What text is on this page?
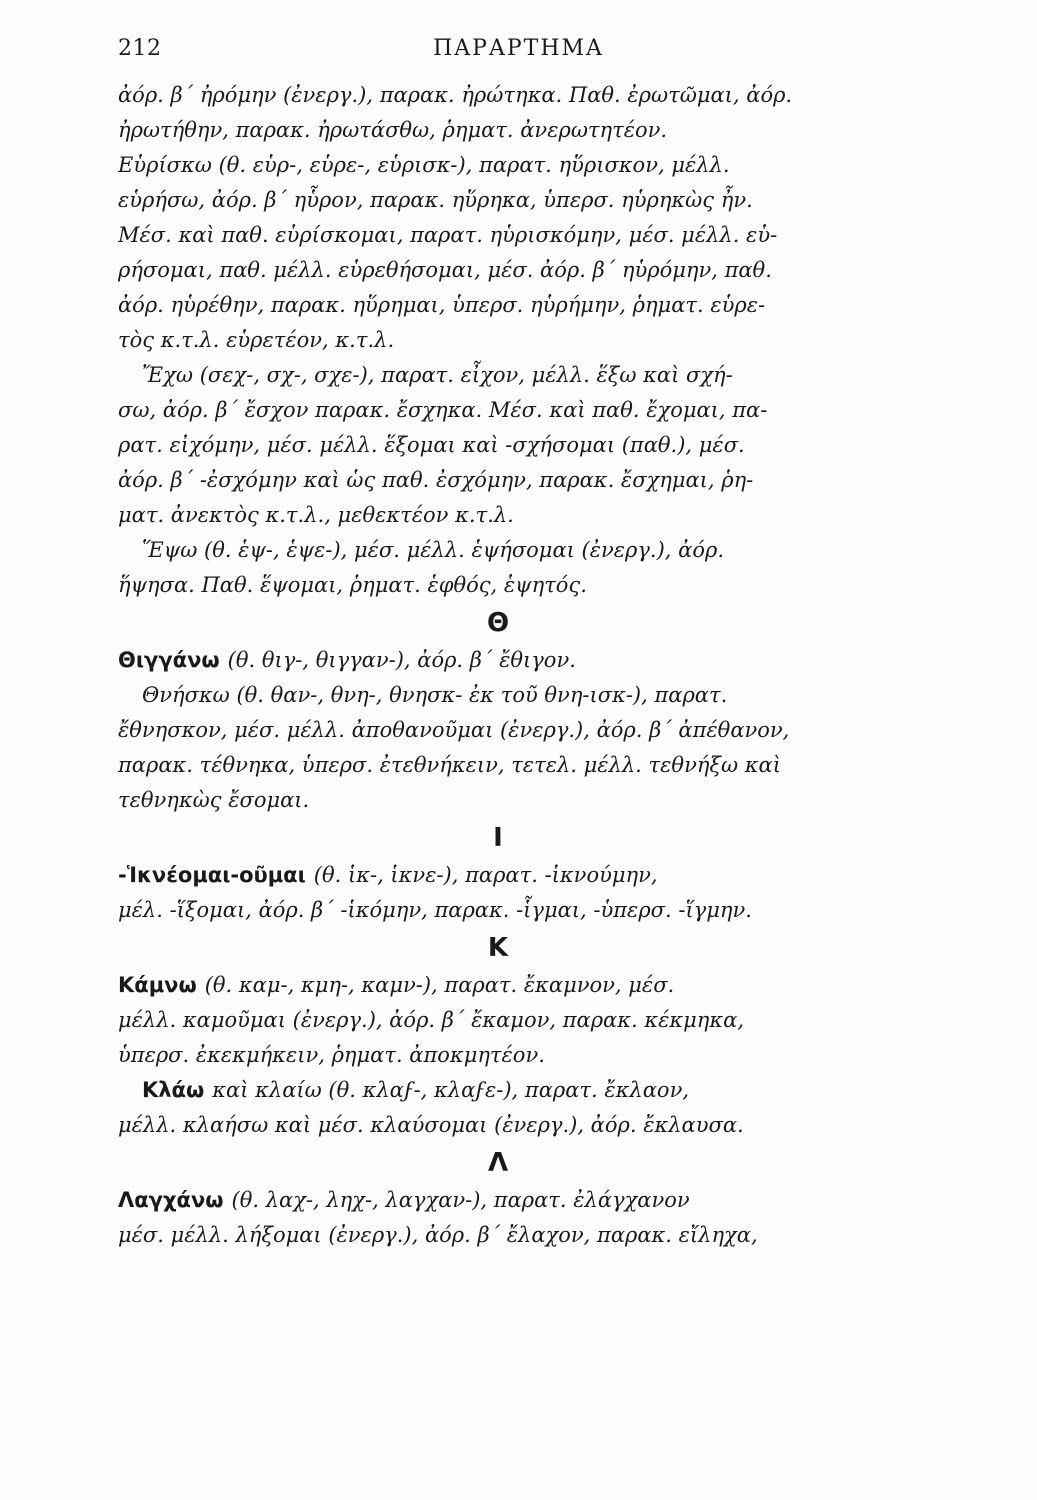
212	ΠΑΡΑΡΤΗΜΑ
ἀόρ. β΄ ἠρόμην (ἐνεργ.), παρακ. ἠρώτηκα. Παθ. ἐρωτῶμαι, ἀόρ.
ἠρωτήθην, παρακ. ἠρωτάσθω, ῥηματ. ἀνερωτητέον.
Εὑρίσκω (θ. εὑρ-, εὑρε-, εὑρισκ-), παρατ. ηὕρισκον, μέλλ.
εὑρήσω, ἀόρ. β΄ ηὗρον, παρακ. ηὕρηκα, ὑπερσ. ηὑρηκὼς ἦν.
Μέσ. καὶ παθ. εὑρίσκομαι, παρατ. ηὑρισκόμην, μέσ. μέλλ. εὑ-
ρήσομαι, παθ. μέλλ. εὑρεθήσομαι, μέσ. ἀόρ. β΄ ηὑρόμην, παθ.
ἀόρ. ηὑρέθην, παρακ. ηὕρημαι, ὑπερσ. ηὑρήμην, ῥηματ. εὑρε-
τὸς κ.τ.λ. εὑρετέον, κ.τ.λ.
Ἔχω (σεχ-, σχ-, σχε-), παρατ. εἶχον, μέλλ. ἕξω καὶ σχή-
σω, ἀόρ. β΄ ἔσχον παρακ. ἔσχηκα. Μέσ. καὶ παθ. ἔχομαι, πα-
ρατ. εἰχόμην, μέσ. μέλλ. ἕξομαι καὶ -σχήσομαι (παθ.), μέσ.
ἀόρ. β΄ -ἐσχόμην καὶ ὡς παθ. ἐσχόμην, παρακ. ἔσχημαι, ῥη-
ματ. ἀνεκτὸς κ.τ.λ., μεθεκτέον κ.τ.λ.
Ἕψω (θ. ἑψ-, ἑψε-), μέσ. μέλλ. ἑψήσομαι (ἐνεργ.), ἀόρ.
ἥψησα. Παθ. ἕψομαι, ῥηματ. ἑφθός, ἑψητός.
Θ
Θιγγάνω (θ. θιγ-, θιγγαν-), ἀόρ. β΄ ἔθιγον.
Θνήσκω (θ. θαν-, θνη-, θνησκ- ἐκ τοῦ θνη-ισκ-), παρατ.
ἔθνησκον, μέσ. μέλλ. ἀποθανοῦμαι (ἐνεργ.), ἀόρ. β΄ ἀπέθανον,
παρακ. τέθνηκα, ὑπερσ. ἐτεθνήκειν, τετελ. μέλλ. τεθνήξω καὶ
τεθνηκὼς ἔσομαι.
Ι
-Ἱκνέομαι-οῦμαι (θ. ἱκ-, ἱκνε-), παρατ. -ἱκνούμην,
μέλ. -ἵξομαι, ἀόρ. β΄ -ἱκόμην, παρακ. -ἷγμαι, -ὑπερσ. -ἵγμην.
Κ
Κάμνω (θ. καμ-, κμη-, καμν-), παρατ. ἔκαμνον, μέσ.
μέλλ. καμοῦμαι (ἐνεργ.), ἀόρ. β΄ ἔκαμον, παρακ. κέκμηκα,
ὑπερσ. ἐκεκμήκειν, ῥηματ. ἀποκμητέον.
Κλάω καὶ κλαίω (θ. κλαϝ-, κλαϝε-), παρατ. ἔκλαον,
μέλλ. κλαήσω καὶ μέσ. κλαύσομαι (ἐνεργ.), ἀόρ. ἔκλαυσα.
Λ
Λαγχάνω (θ. λαχ-, ληχ-, λαγχαν-), παρατ. ἐλάγχανον
μέσ. μέλλ. λήξομαι (ἐνεργ.), ἀόρ. β΄ ἔλαχον, παρακ. εἴληχα,
